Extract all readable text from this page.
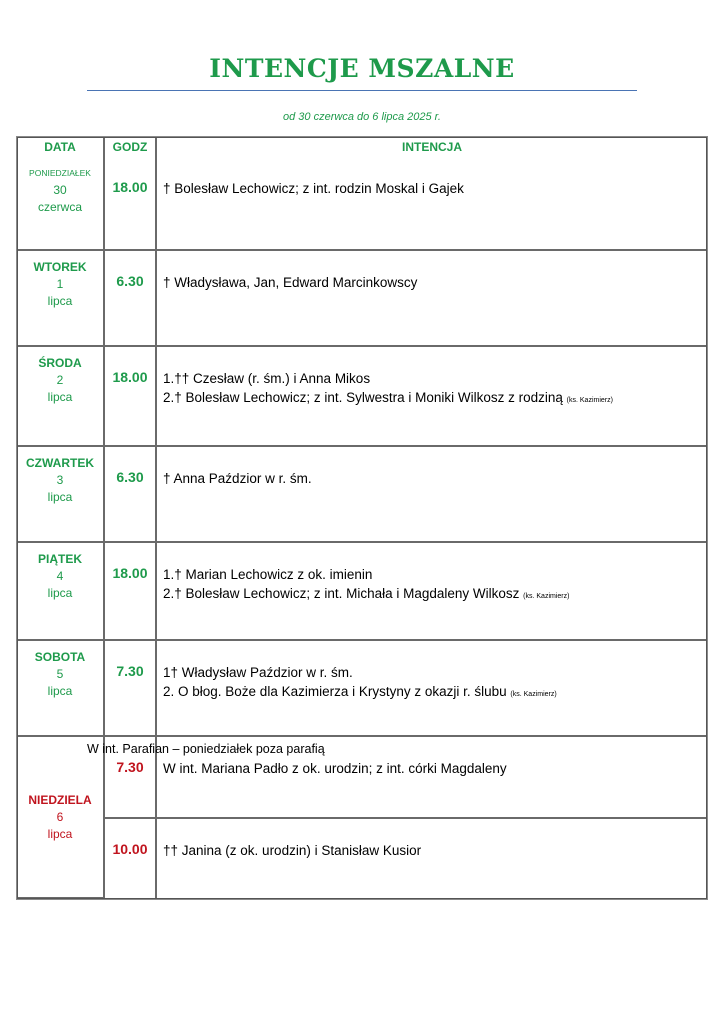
INTENCJE MSZALNE
od 30 czerwca do 6 lipca 2025 r.
DATA	GODZ	INTENCJA

PONIEDZIAŁEK
30
czerwca	18.00	† Bolesław Lechowicz; z int. rodzin Moskal i Gajek

WTOREK
1
lipca	6.30	† Władysława, Jan, Edward Marcinkowscy

ŚRODA
2
lipca	18.00	1.†† Czesław (r. śm.) i Anna Mikos
2.† Bolesław Lechowicz; z int. Sylwestra i Moniki Wilkosz z rodziną (ks. Kazimierz)

CZWARTEK
3
lipca	6.30	† Anna Paździor w r. śm.

PIĄTEK
4
lipca	18.00	1.† Marian Lechowicz z ok. imienin
2.† Bolesław Lechowicz; z int. Michała i Magdaleny Wilkosz (ks. Kazimierz)

SOBOTA
5
lipca	7.30	1† Władysław Paździor w r. śm.
2. O błog. Boże dla Kazimierza i Krystyny z okazji r. ślubu (ks. Kazimierz)

NIEDZIELA
6
lipca	7.30	W int. Mariana Padło z ok. urodzin; z int. córki Magdaleny

	10.00	†† Janina (z ok. urodzin) i Stanisław Kusior
W int. Parafian – poniedziałek poza parafią
